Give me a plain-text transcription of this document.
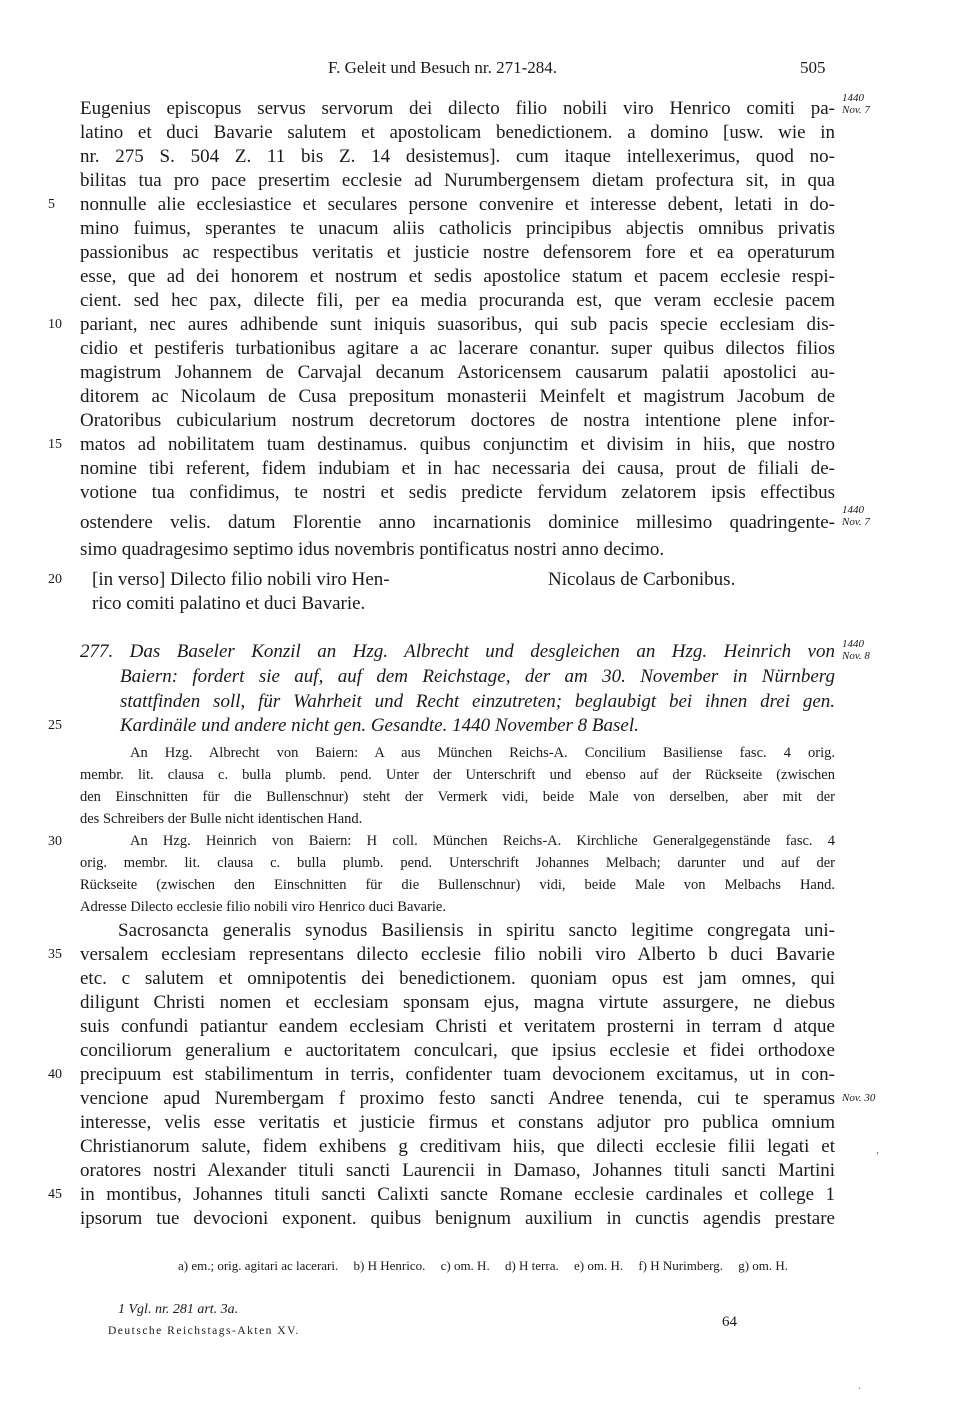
F. Geleit und Besuch nr. 271-284.	505
Eugenius episcopus servus servorum dei dilecto filio nobili viro Henrico comiti pa-
latino et duci Bavarie salutem et apostolicam benedictionem. a domino [usw. wie in
nr. 275 S. 504 Z. 11 bis Z. 14 desistemus]. cum itaque intellexerimus, quod no-
bilitas tua pro pace presertim ecclesie ad Nurumbergensem dietam profectura sit, in qua
nonnulle alie ecclesiastice et seculares persone convenire et interesse debent, letati in do-
mino fuimus, sperantes te unacum aliis catholicis principibus abjectis omnibus privatis
passionibus ac respectibus veritatis et justicie nostre defensorem fore et ea operaturum
esse, que ad dei honorem et nostrum et sedis apostolice statum et pacem ecclesie respi-
cient. sed hec pax, dilecte fili, per ea media procuranda est, que veram ecclesie pacem
pariant, nec aures adhibende sunt iniquis suasoribus, qui sub pacis specie ecclesiam dis-
cidio et pestiferis turbationibus agitare a ac lacerare conantur. super quibus dilectos filios
magistrum Johannem de Carvajal decanum Astoricensem causarum palatii apostolici au-
ditorem ac Nicolaum de Cusa prepositum monasterii Meinfelt et magistrum Jacobum de
Oratoribus cubicularium nostrum decretorum doctores de nostra intentione plene infor-
matos ad nobilitatem tuam destinamus. quibus conjunctim et divisim in hiis, que nostro
nomine tibi referent, fidem indubiam et in hac necessaria dei causa, prout de filiali de-
votione tua confidimus, te nostri et sedis predicte fervidum zelatorem ipsis effectibus
ostendere velis. datum Florentie anno incarnationis dominice millesimo quadringente-
simo quadragesimo septimo idus novembris pontificatus nostri anno decimo.
[in verso] Dilecto filio nobili viro Hen-
rico comiti palatino et duci Bavarie.
Nicolaus de Carbonibus.
277. Das Baseler Konzil an Hzg. Albrecht und desgleichen an Hzg. Heinrich von
Baiern: fordert sie auf, auf dem Reichstage, der am 30. November in Nürnberg
stattfinden soll, für Wahrheit und Recht einzutreten; beglaubigt bei ihnen drei gen.
Kardinäle und andere nicht gen. Gesandte. 1440 November 8 Basel.
An Hzg. Albrecht von Baiern: A aus München Reichs-A. Concilium Basiliense fasc. 4 orig.
membr. lit. clausa c. bulla plumb. pend. Unter der Unterschrift und ebenso auf der Rückseite (zwischen
den Einschnitten für die Bullenschnur) steht der Vermerk vidi, beide Male von derselben, aber mit der
des Schreibers der Bulle nicht identischen Hand.
An Hzg. Heinrich von Baiern: H coll. München Reichs-A. Kirchliche Generalgegenstände fasc. 4
orig. membr. lit. clausa c. bulla plumb. pend. Unterschrift Johannes Melbach; darunter und auf der
Rückseite (zwischen den Einschnitten für die Bullenschnur) vidi, beide Male von Melbachs Hand.
Adresse Dilecto ecclesie filio nobili viro Henrico duci Bavarie.
Sacrosancta generalis synodus Basiliensis in spiritu sancto legitime congregata uni-
versalem ecclesiam representans dilecto ecclesie filio nobili viro Alberto b duci Bavarie
etc. c salutem et omnipotentis dei benedictionem. quoniam opus est jam omnes, qui
diligunt Christi nomen et ecclesiam sponsam ejus, magna virtute assurgere, ne diebus
suis confundi patiantur eandem ecclesiam Christi et veritatem prosterni in terram d atque
conciliorum generalium e auctoritatem conculcari, que ipsius ecclesie et fidei orthodoxe
precipuum est stabilimentum in terris, confidenter tuam devocionem excitamus, ut in con-
vencione apud Nurembergam f proximo festo sancti Andree tenenda, cui te speramus
interesse, velis esse veritatis et justicie firmus et constans adjutor pro publica omnium
Christianorum salute, fidem exhibens g creditivam hiis, que dilecti ecclesie filii legati et
oratores nostri Alexander tituli sancti Laurencii in Damaso, Johannes tituli sancti Martini
in montibus, Johannes tituli sancti Calixti sancte Romane ecclesie cardinales et college 1
ipsorum tue devocioni exponent. quibus benignum auxilium in cunctis agendis prestare
5
10
15
20
25
30
35
40
45
1440
Nov. 7
1440
Nov. 7
1440
Nov. 8
Nov. 30
a) em.; orig. agitari ac lacerari. b) H Henrico. c) om. H. d) H terra. e) om. H. f) H Nurimberg. g) om. H.
1 Vgl. nr. 281 art. 3a.
Deutsche Reichstags-Akten XV.
64
,
.
